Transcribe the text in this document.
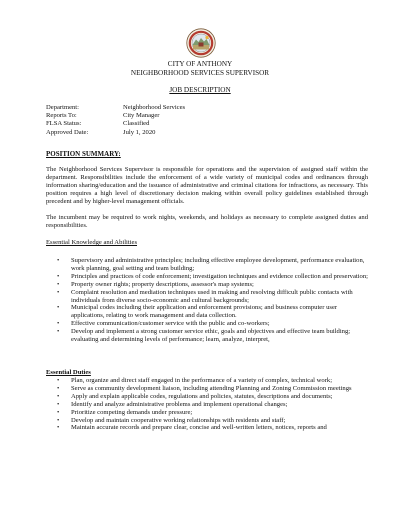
CITY OF ANTHONY
NEIGHBORHOOD SERVICES SUPERVISOR
JOB DESCRIPTION
Department:	Neighborhood Services
Reports To:	City Manager
FLSA Status:	Classified
Approved Date:	July 1, 2020
POSITION SUMMARY:
The Neighborhood Services Supervisor is responsible for operations and the supervision of assigned staff within the department. Responsibilities include the enforcement of a wide variety of municipal codes and ordinances through information sharing/education and the issuance of administrative and criminal citations for infractions, as necessary. This position requires a high level of discretionary decision making within overall policy guidelines established through precedent and by higher-level management officials.
The incumbent may be required to work nights, weekends, and holidays as necessary to complete assigned duties and responsibilities.
Essential Knowledge and Abilities
• Supervisory and administrative principles; including effective employee development, performance evaluation, work planning, goal setting and team building;
• Principles and practices of code enforcement; investigation techniques and evidence collection and preservation;
• Property owner rights; property descriptions, assessor's map systems;
• Complaint resolution and mediation techniques used in making and resolving difficult public contacts with individuals from diverse socio-economic and cultural backgrounds;
• Municipal codes including their application and enforcement provisions; and business computer user applications, relating to work management and data collection.
• Effective communication/customer service with the public and co-workers;
• Develop and implement a strong customer service ethic, goals and objectives and effective team building; evaluating and determining levels of performance; learn, analyze, interpret,
Essential Duties
• Plan, organize and direct staff engaged in the performance of a variety of complex, technical work;
• Serve as community development liaison, including attending Planning and Zoning Commission meetings
• Apply and explain applicable codes, regulations and policies, statutes, descriptions and documents;
• Identify and analyze administrative problems and implement operational changes;
• Prioritize competing demands under pressure;
• Develop and maintain cooperative working relationships with residents and staff;
• Maintain accurate records and prepare clear, concise and well-written letters, notices, reports and
